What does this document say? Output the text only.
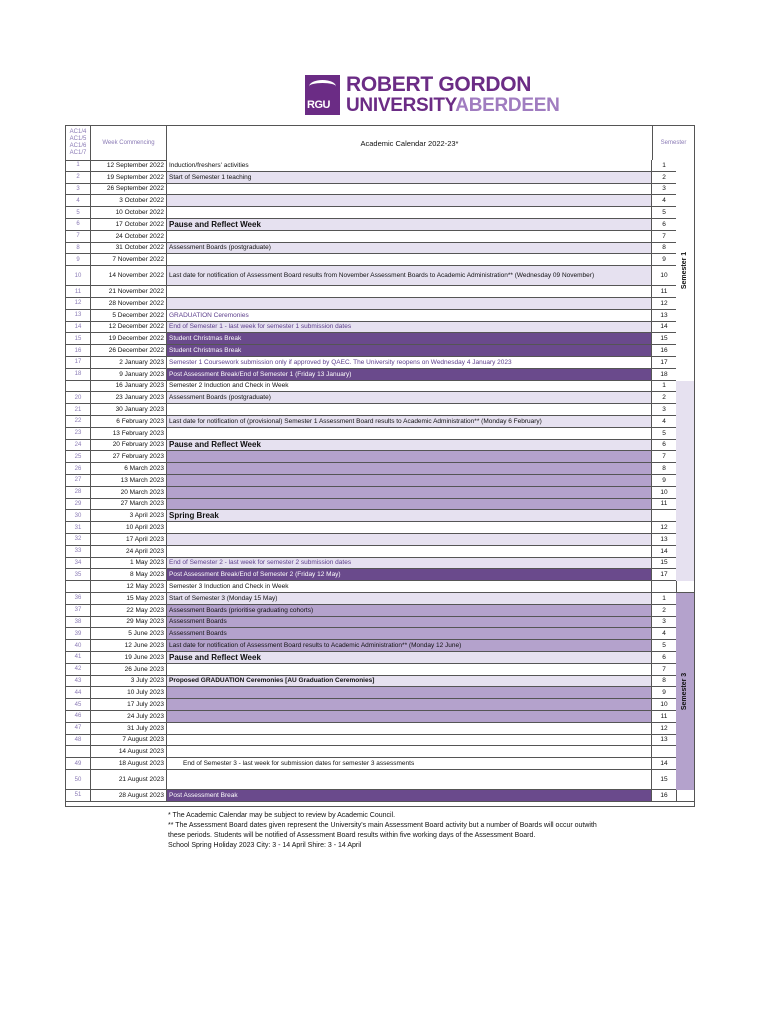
RGU
ROBERT GORDON
UNIVERSITYABERDEEN
AC1/4
AC1/5
AC1/6
AC1/7
Week Commencing	Academic Calendar 2022-23*	Semester
1	12 September 2022 Induction/freshers' activities	1
2	19 September 2022 Start of Semester 1 teaching	2
3	26 September 2022	3
4	3 October 2022	4
5	10 October 2022	5
6	17 October 2022 Pause and Reflect Week	6
7	24 October 2022	7
8	31 October 2022 Assessment Boards (postgraduate)	8
9	7 November 2022	9
10	14 November 2022 Last date for notification of Assessment Board results from November Assessment Boards to Academic Administration** (Wednesday 09 November)	10
11	21 November 2022	11
12	28 November 2022	12
13	5 December 2022 GRADUATION Ceremonies	13
14	12 December 2022 End of Semester 1 - last week for semester 1 submission dates	14
15	19 December 2022 Student Christmas Break	15
16	26 December 2022 Student Christmas Break	16
17	2 January 2023 Semester 1 Coursework submission only if approved by QAEC. The University reopens on Wednesday 4 January 2023	17
18	9 January 2023 Post Assessment Break/End of Semester 1 (Friday 13 January)	18
16 January 2023 Semester 2 Induction and Check in Week	1
20	23 January 2023 Assessment Boards (postgraduate)	2
21	30 January 2023	3
22	6 February 2023 Last date for notification of (provisional) Semester 1 Assessment Board results to Academic Administration** (Monday 6 February)	4
23	13 February 2023	5
24	20 February 2023 Pause and Reflect Week	6
25	27 February 2023	7
26	6 March 2023	8
27	13 March 2023	9
28	20 March 2023	10
29	27 March 2023	11
30	3 April 2023 Spring Break
31	10 April 2023	12
32	17 April 2023	13
33	24 April 2023	14
34	1 May 2023 End of Semester 2 - last week for semester 2 submission dates	15
35	8 May 2023 Post Assessment Break/End of Semester 2 (Friday 12 May)	17
12 May 2023 Semester 3 Induction and Check in Week
36	15 May 2023 Start of Semester 3 (Monday 15 May)	1
37	22 May 2023 Assessment Boards (prioritise graduating cohorts)	2
38	29 May 2023 Assessment Boards	3
39	5 June 2023 Assessment Boards	4
40	12 June 2023 Last date for notification of Assessment Board results to Academic Administration** (Monday 12 June)	5
41	19 June 2023 Pause and Reflect Week	6
42	26 June 2023	7
43	3 July 2023 Proposed GRADUATION Ceremonies [AU Graduation Ceremonies]	8
44	10 July 2023	9
45	17 July 2023	10
46	24 July 2023	11
47	31 July 2023	12
48	7 August 2023	13
14 August 2023
49	18 August 2023	End of Semester 3 - last week for submission dates for semester 3 assessments	14
50	21 August 2023	15
51	28 August 2023 Post Assessment Break	16
Semester 1
Semester 3
* The Academic Calendar may be subject to review by Academic Council.
** The Assessment Board dates given represent the University's main Assessment Board activity but a number of Boards will occur outwith
these periods. Students will be notified of Assessment Board results within five working days of the Assessment Board.
School Spring Holiday 2023 City: 3 - 14 April Shire: 3 - 14 April
